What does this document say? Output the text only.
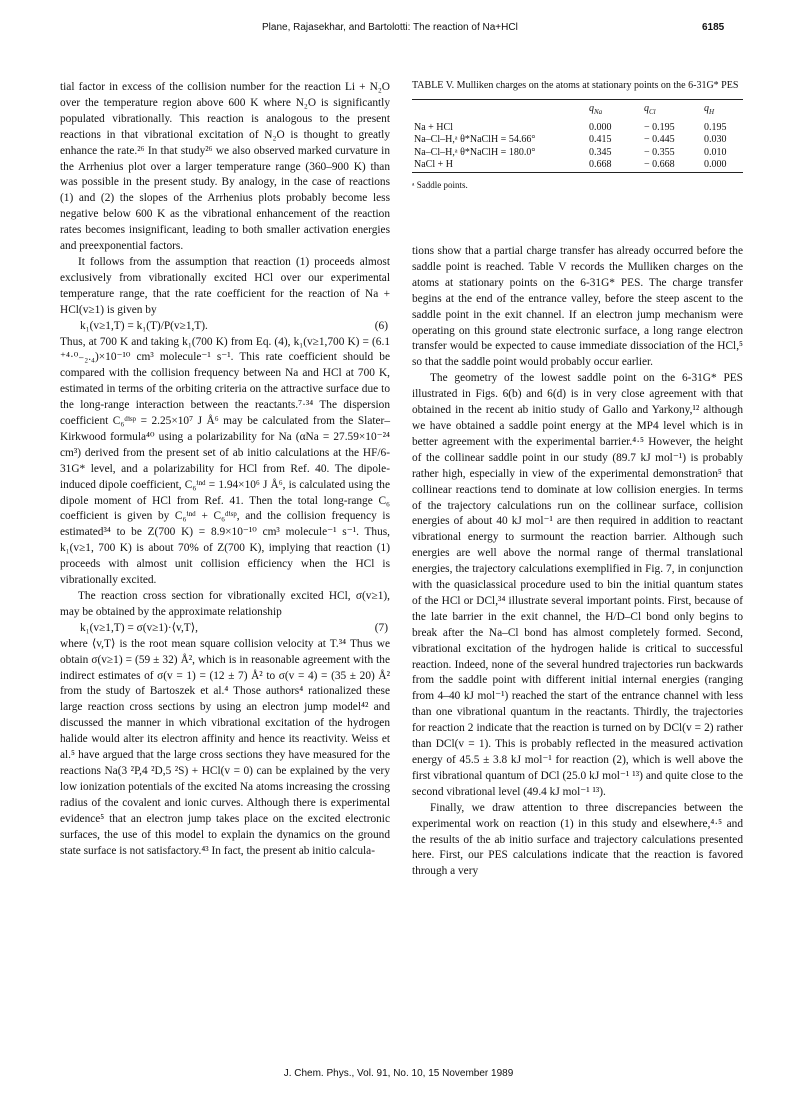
Plane, Rajasekhar, and Bartolotti: The reaction of Na+HCl	6185

tial factor in excess of the collision number for the reaction Li + N₂O over the temperature region above 600 K where N₂O is significantly populated vibrationally. This reaction is analogous to the present reactions in that vibrational excitation of N₂O is thought to greatly enhance the rate.²⁶ In that study²⁶ we also observed marked curvature in the Arrhenius plot over a larger temperature range (360–900 K) than was possible in the present study. By analogy, in the case of reactions (1) and (2) the slopes of the Arrhenius plots probably become less negative below 600 K as the vibrational enhancement of the reaction rates becomes insignificant, leading to both smaller activation energies and preexponential factors.

It follows from the assumption that reaction (1) proceeds almost exclusively from vibrationally excited HCl over our experimental temperature range, that the rate coefficient for the reaction of Na + HCl(v≥1) is given by

k₁(v≥1,T) = k₁(T)/P(v≥1,T).	(6)

Thus, at 700 K and taking k₁(700 K) from Eq. (4), k₁(v≥1,700 K) = (6.1 ⁺⁴·⁰₋₂.₄)×10⁻¹⁰ cm³ molecule⁻¹ s⁻¹. This rate coefficient should be compared with the collision frequency between Na and HCl at 700 K, estimated in terms of the orbiting criteria on the attractive surface due to the long-range interaction between the reactants.⁷·³⁴ The dispersion coefficient C₆ᵈⁱˢᵖ = 2.25×10⁷ J Å⁶ may be calculated from the Slater–Kirkwood formula⁴⁰ using a polarizability for Na (αNa = 27.59×10⁻²⁴ cm³) derived from the present set of ab initio calculations at the HF/6-31G* level, and a polarizability for HCl from Ref. 40. The dipole-induced dipole coefficient, C₆ⁱⁿᵈ = 1.94×10⁶ J Å⁶, is calculated using the dipole moment of HCl from Ref. 41. Then the total long-range C₆ coefficient is given by C₆ⁱⁿᵈ + C₆ᵈⁱˢᵖ, and the collision frequency is estimated³⁴ to be Z(700 K) = 8.9×10⁻¹⁰ cm³ molecule⁻¹ s⁻¹. Thus, k₁(v≥1, 700 K) is about 70% of Z(700 K), implying that reaction (1) proceeds with almost unit collision efficiency when the HCl is vibrationally excited.

The reaction cross section for vibrationally excited HCl, σ(v≥1), may be obtained by the approximate relationship

k₁(v≥1,T) = σ(v≥1)·⟨v,T⟩,	(7)

where ⟨v,T⟩ is the root mean square collision velocity at T.³⁴ Thus we obtain σ(v≥1) = (59 ± 32) Å², which is in reasonable agreement with the indirect estimates of σ(v = 1) = (12 ± 7) Å² to σ(v = 4) = (35 ± 20) Å² from the study of Bartoszek et al.⁴ Those authors⁴ rationalized these large reaction cross sections by using an electron jump model⁴² and discussed the manner in which vibrational excitation of the hydrogen halide would alter its electron affinity and hence its reactivity. Weiss et al.⁵ have argued that the large cross sections they have measured for the reactions Na(3 ²P,4 ²D,5 ²S) + HCl(v = 0) can be explained by the very low ionization potentials of the excited Na atoms increasing the crossing radius of the covalent and ionic curves. Although there is experimental evidence⁵ that an electron jump takes place on the excited electronic surfaces, the use of this model to explain the dynamics on the ground state surface is not satisfactory.⁴³ In fact, the present ab initio calcula-

TABLE V. Mulliken charges on the atoms at stationary points on the 6-31G* PES
	$q_{Na}$	$q_{Cl}$	$q_H$
Na + HCl	0.000	− 0.195	0.195
Na–Cl–H,ᵃ θ*NaClH = 54.66°	0.415	− 0.445	0.030
Na–Cl–H,ᵃ θ*NaClH = 180.0°	0.345	− 0.355	0.010
NaCl + H	0.668	− 0.668	0.000
ᵃ Saddle points.

tions show that a partial charge transfer has already occurred before the saddle point is reached. Table V records the Mulliken charges on the atoms at stationary points on the 6-31G* PES. The charge transfer begins at the end of the entrance valley, before the steep ascent to the saddle point in the exit channel. If an electron jump mechanism were operating on this ground state electronic surface, a long range electron transfer would be expected to cause immediate dissociation of the HCl,⁵ so that the saddle point would probably occur earlier.

The geometry of the lowest saddle point on the 6-31G* PES illustrated in Figs. 6(b) and 6(d) is in very close agreement with that obtained in the recent ab initio study of Gallo and Yarkony,¹² although we have obtained a saddle point energy at the MP4 level which is in better agreement with the experimental barrier.⁴·⁵ However, the height of the collinear saddle point in our study (89.7 kJ mol⁻¹) is probably rather high, especially in view of the experimental demonstration⁵ that collinear reactions tend to dominate at low collision energies. In terms of the trajectory calculations run on the collinear surface, collision energies of about 40 kJ mol⁻¹ are then required in addition to reactant vibrational energy to surmount the reaction barrier. Although such energies are well above the normal range of thermal translational energies, the trajectory calculations exemplified in Fig. 7, in conjunction with the quasiclassical procedure used to bin the initial quantum states of the HCl or DCl,³⁴ illustrate several important points. First, because of the late barrier in the exit channel, the H/D–Cl bond only begins to break after the Na–Cl bond has almost completely formed. Second, vibrational excitation of the hydrogen halide is critical to successful reaction. Indeed, none of the several hundred trajectories run backwards from the saddle point with different initial internal energies (ranging from 4–40 kJ mol⁻¹) reached the start of the entrance channel with less than one vibrational quantum in the reactants. Thirdly, the trajectories for reaction 2 indicate that the reaction is turned on by DCl(v = 2) rather than DCl(v = 1). This is probably reflected in the measured activation energy of 45.5 ± 3.8 kJ mol⁻¹ for reaction (2), which is well above the first vibrational quantum of DCl (25.0 kJ mol⁻¹ ¹³) and quite close to the second vibrational level (49.4 kJ mol⁻¹ ¹³).

Finally, we draw attention to three discrepancies between the experimental work on reaction (1) in this study and elsewhere,⁴·⁵ and the results of the ab initio surface and trajectory calculations presented here. First, our PES calculations indicate that the reaction is favored through a very

J. Chem. Phys., Vol. 91, No. 10, 15 November 1989
